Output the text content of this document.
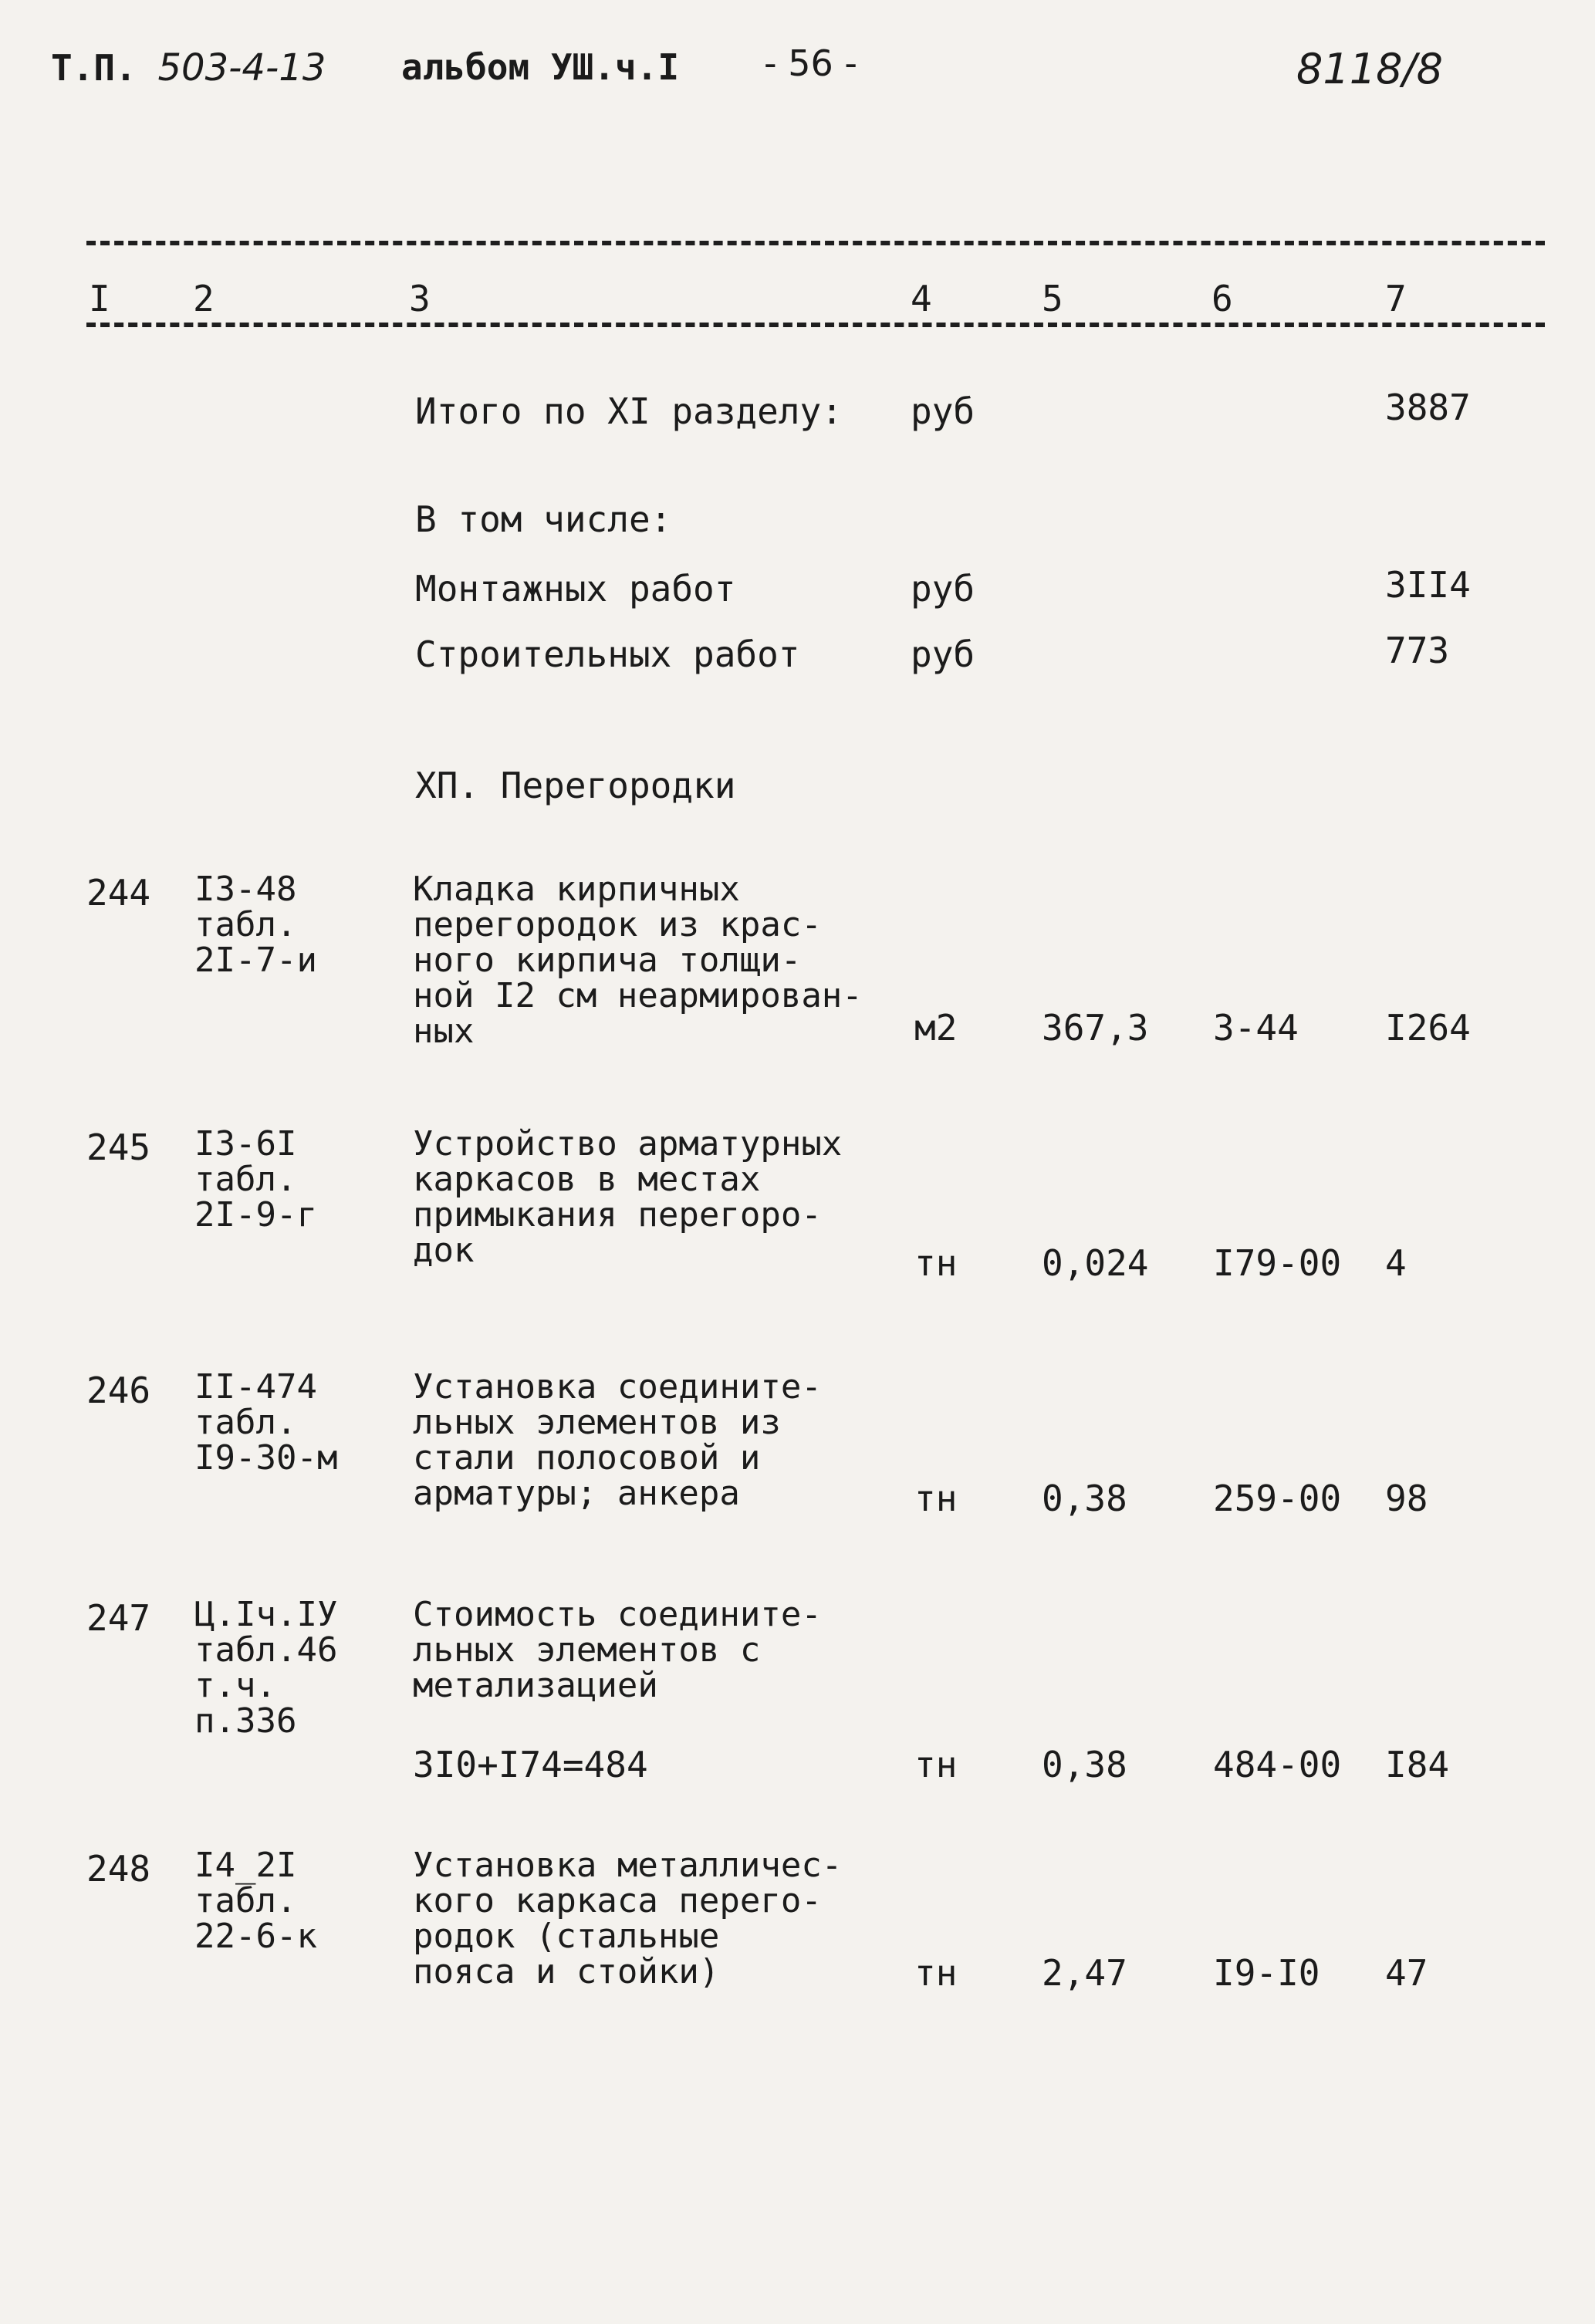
Т.П. 503-4-13 альбом УШ.ч.I - 56 -	8118/8
I 2	3	4	5	6	7
Итого по XI разделу: руб	3887
В том числе:
Монтажных работ	руб	3II4
Строительных работ	руб	773
ХП. Перегородки
244 I3-48
табл.
2I-7-и
Кладка кирпичных
перегородок из крас-
ного кирпича толщи-
ной I2 см неармирован-
ных	м2 367,3 3-44 I264
245 I3-6I
табл.
2I-9-г
Устройство арматурных
каркасов в местах
примыкания перегоро-
док	тн 0,024 I79-00 4
246 II-474
табл.
I9-30-м
Установка соедините-
льных элементов из
стали полосовой и
арматуры; анкера	тн 0,38 259-00 98
247 Ц.Iч.IУ
табл.46
т.ч.
п.336
Стоимость соедините-
льных элементов с
метализацией
3I0+I74=484	тн 0,38 484-00 I84
248 I4_2I
табл.
22-6-к
Установка металличес-
кого каркаса перего-
родок (стальные
пояса и стойки)	тн 2,47 I9-I0 47
